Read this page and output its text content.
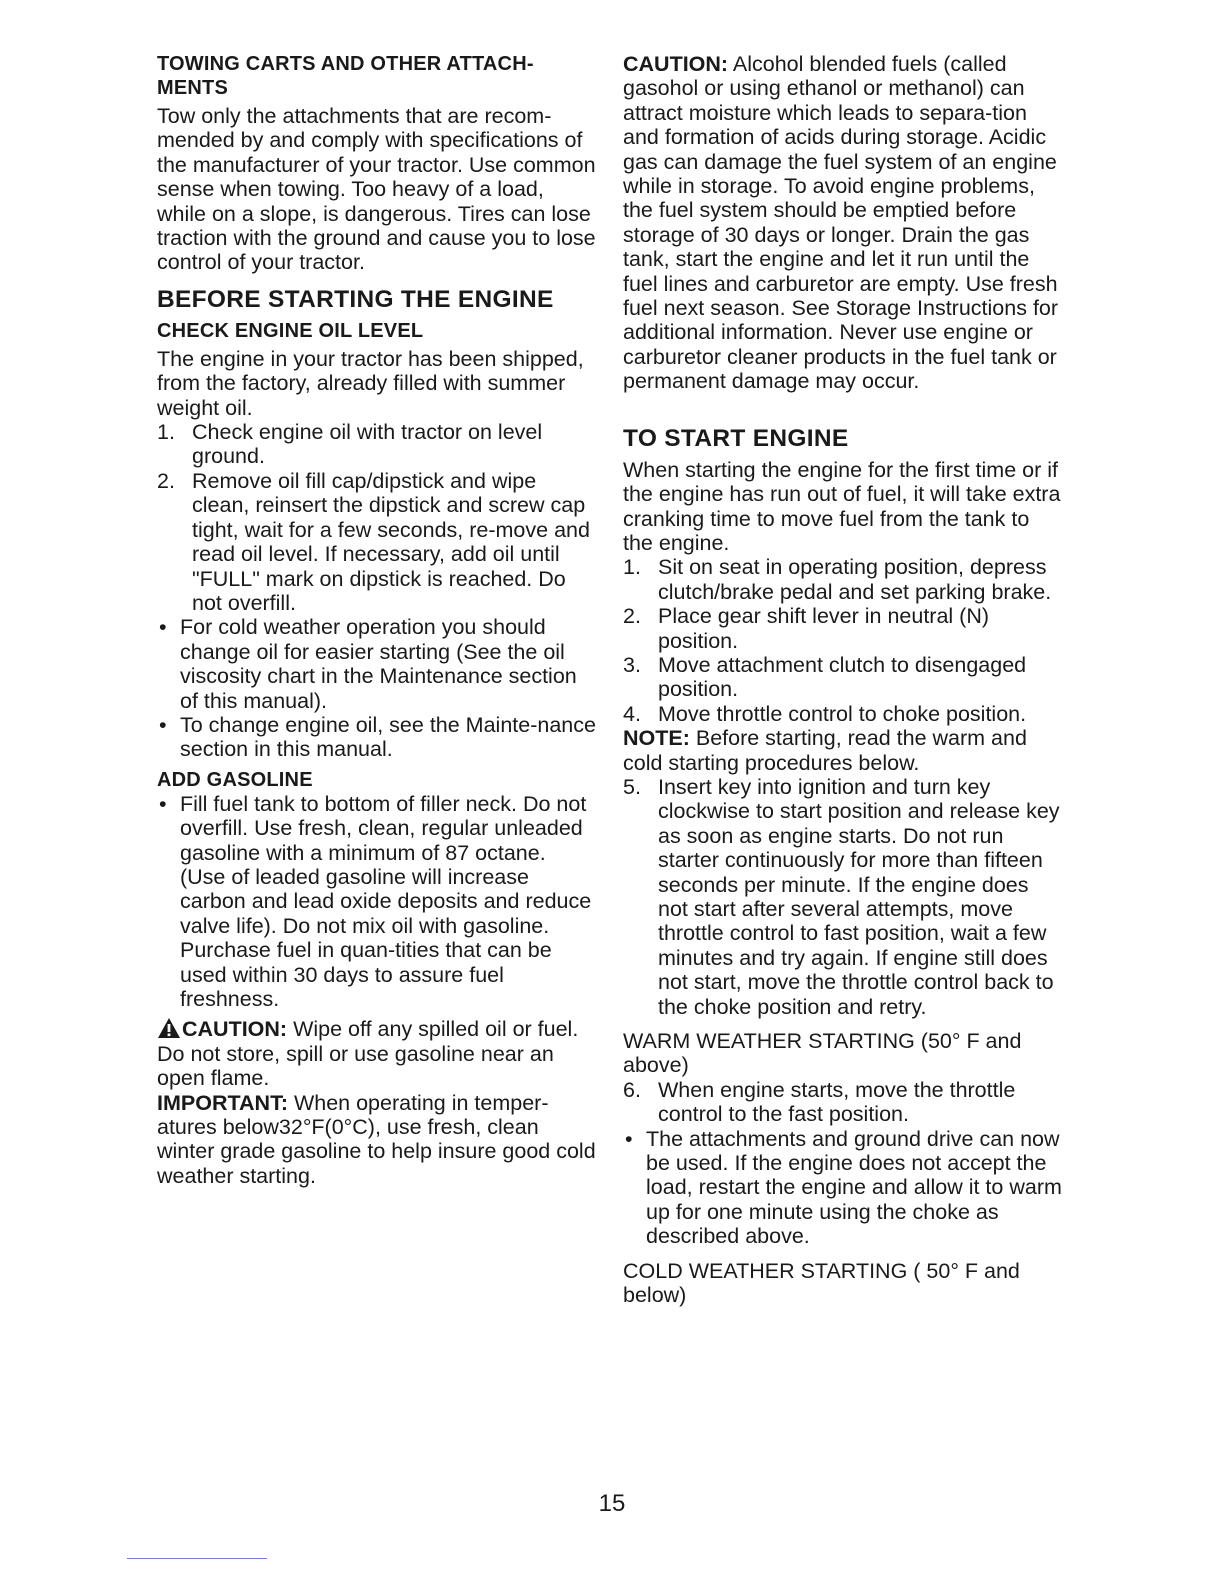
TOWING CARTS AND OTHER ATTACH-MENTS

Tow only the attachments that are recom-mended by and comply with specifications of the manufacturer of your tractor. Use common sense when towing. Too heavy of a load, while on a slope, is dangerous. Tires can lose traction with the ground and cause you to lose control of your tractor.

BEFORE STARTING THE ENGINE

CHECK ENGINE OIL LEVEL

The engine in your tractor has been shipped, from the factory, already filled with summer weight oil.

1. Check engine oil with tractor on level ground.
2. Remove oil fill cap/dipstick and wipe clean, reinsert the dipstick and screw cap tight, wait for a few seconds, re-move and read oil level. If necessary, add oil until "FULL" mark on dipstick is reached. Do not overfill.
• For cold weather operation you should change oil for easier starting (See the oil viscosity chart in the Maintenance section of this manual).
• To change engine oil, see the Mainte-nance section in this manual.

ADD GASOLINE

• Fill fuel tank to bottom of filler neck. Do not overfill. Use fresh, clean, regular unleaded gasoline with a minimum of 87 octane. (Use of leaded gasoline will increase carbon and lead oxide deposits and reduce valve life). Do not mix oil with gasoline. Purchase fuel in quan-tities that can be used within 30 days to assure fuel freshness.

CAUTION: Wipe off any spilled oil or fuel. Do not store, spill or use gasoline near an open flame.

IMPORTANT: When operating in temper-atures below32°F(0°C), use fresh, clean winter grade gasoline to help insure good cold weather starting.

CAUTION: Alcohol blended fuels (called gasohol or using ethanol or methanol) can attract moisture which leads to separa-tion and formation of acids during storage. Acidic gas can damage the fuel system of an engine while in storage. To avoid engine problems, the fuel system should be emptied before storage of 30 days or longer. Drain the gas tank, start the engine and let it run until the fuel lines and carburetor are empty. Use fresh fuel next season. See Storage Instructions for additional information. Never use engine or carburetor cleaner products in the fuel tank or permanent damage may occur.

TO START ENGINE

When starting the engine for the first time or if the engine has run out of fuel, it will take extra cranking time to move fuel from the tank to the engine.

1. Sit on seat in operating position, depress clutch/brake pedal and set parking brake.
2. Place gear shift lever in neutral (N) position.
3. Move attachment clutch to disengaged position.
4. Move throttle control to choke position.

NOTE: Before starting, read the warm and cold starting procedures below.

5. Insert key into ignition and turn key clockwise to start position and release key as soon as engine starts. Do not run starter continuously for more than fifteen seconds per minute. If the engine does not start after several attempts, move throttle control to fast position, wait a few minutes and try again. If engine still does not start, move the throttle control back to the choke position and retry.

WARM WEATHER STARTING (50° F and above)

6. When engine starts, move the throttle control to the fast position.
• The attachments and ground drive can now be used. If the engine does not accept the load, restart the engine and allow it to warm up for one minute using the choke as described above.

COLD WEATHER STARTING ( 50° F and below)

15
